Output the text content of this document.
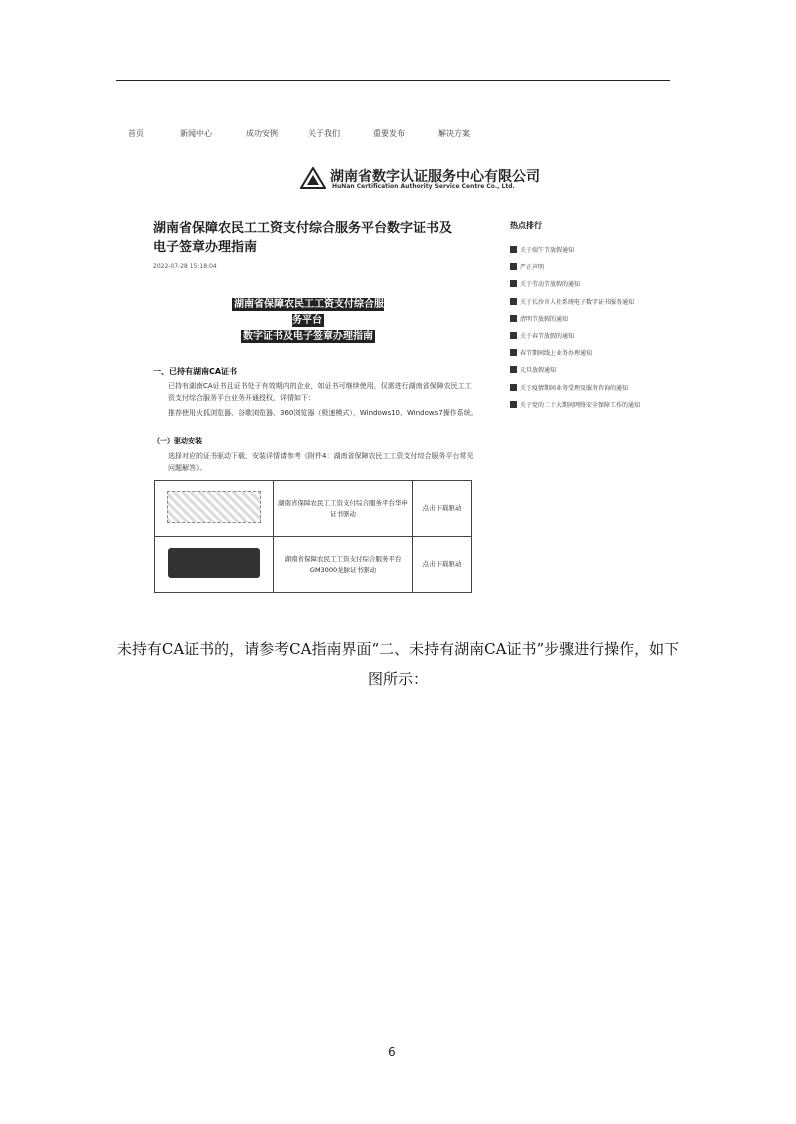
首页	新闻中心	成功安例	关于我们	重要发布	解决方案
湖南省数字认证服务中心有限公司
HuNan Certification Authority Service Centre Co., Ltd.
湖南省保障农民工工资支付综合服务平台数字证书及电子签章办理指南
2022-07-28 15:18:04
湖南省保障农民工工资支付综合服务平台
数字证书及电子签章办理指南
一、已持有湖南CA证书
已持有湖南CA证书且证书处于有效期内的企业，如证书可继续使用，仅需进行湖南省保障农民工工资支付综合服务平台业务开通授权，详情如下：
推荐使用火狐浏览器、谷歌浏览器、360浏览器（极速模式），Windows10、Windows7操作系统。
（一）驱动安装
选择对应的证书驱动下载，安装详情请参考《附件4：湖南省保障农民工工资支付综合服务平台常见问题解答》。
	湖南省保障农民工工资支付综合服务平台华申证书驱动	点击下载驱动
	湖南省保障农民工工资支付综合服务平台GM3000龙脉证书驱动	点击下载驱动
热点排行
关于端午节放假通知
严正声明
关于劳动节放假的通知
关于长沙市人社系统电子数字证书服务通知
清明节放假的通知
关于春节放假的通知
春节期间线上业务办理通知
元旦放假通知
关于疫情期间业务受理及服务咨询的通知
关于党的二十大期间网络安全保障工作的通知
未持有CA证书的，请参考CA指南界面“二、未持有湖南CA证书”步骤进行操作，如下图所示：
6
